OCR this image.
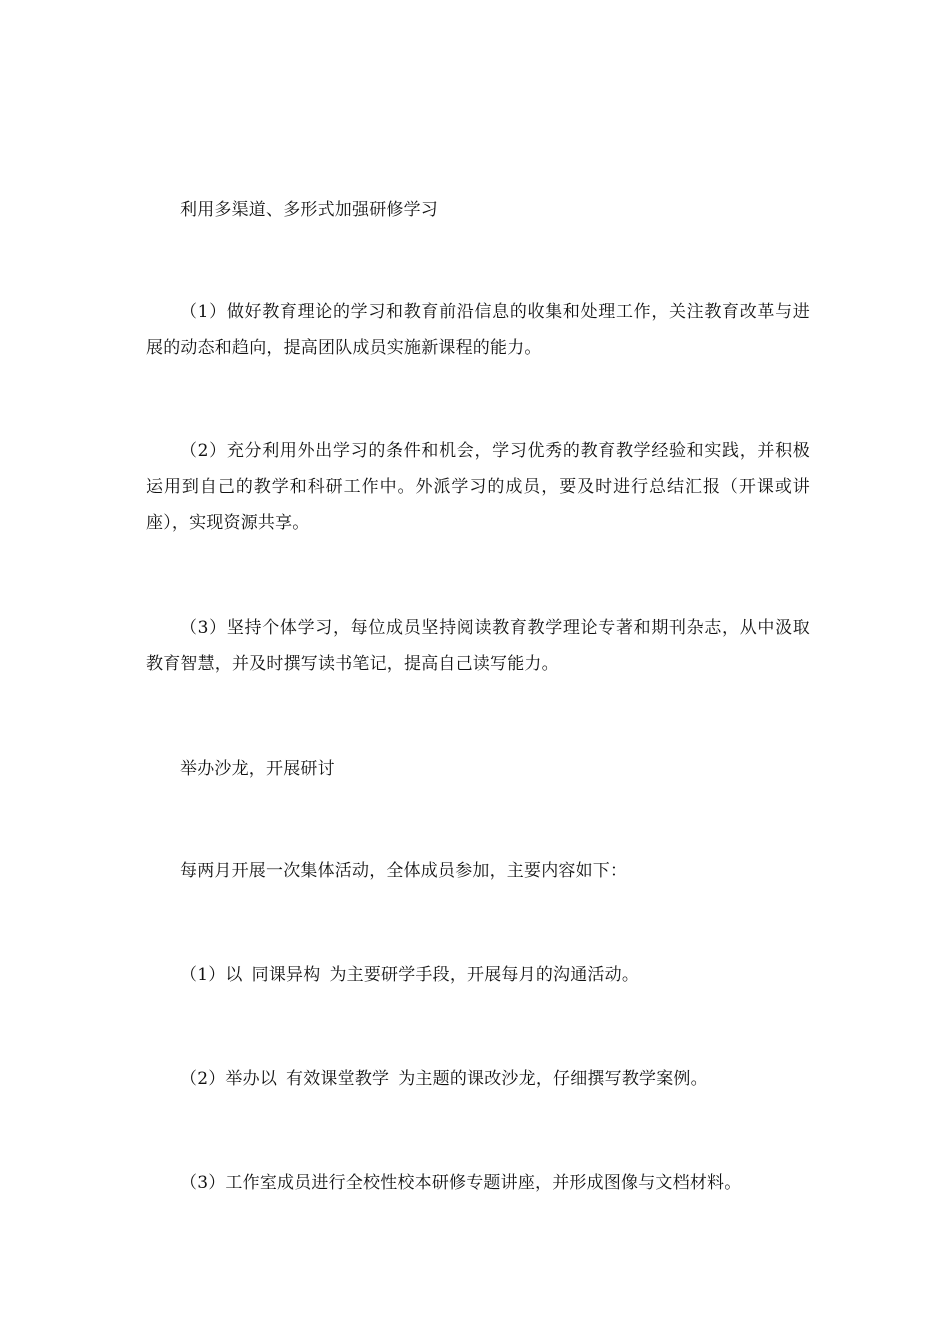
利用多渠道、多形式加强研修学习

（1）做好教育理论的学习和教育前沿信息的收集和处理工作，关注教育改革与进展的动态和趋向，提高团队成员实施新课程的能力。

（2）充分利用外出学习的条件和机会，学习优秀的教育教学经验和实践，并积极运用到自己的教学和科研工作中。外派学习的成员，要及时进行总结汇报（开课或讲座），实现资源共享。

（3）坚持个体学习，每位成员坚持阅读教育教学理论专著和期刊杂志，从中汲取教育智慧，并及时撰写读书笔记，提高自己读写能力。

举办沙龙，开展研讨

每两月开展一次集体活动，全体成员参加，主要内容如下：

（1）以 同课异构 为主要研学手段，开展每月的沟通活动。

（2）举办以 有效课堂教学 为主题的课改沙龙，仔细撰写教学案例。

（3）工作室成员进行全校性校本研修专题讲座，并形成图像与文档材料。
